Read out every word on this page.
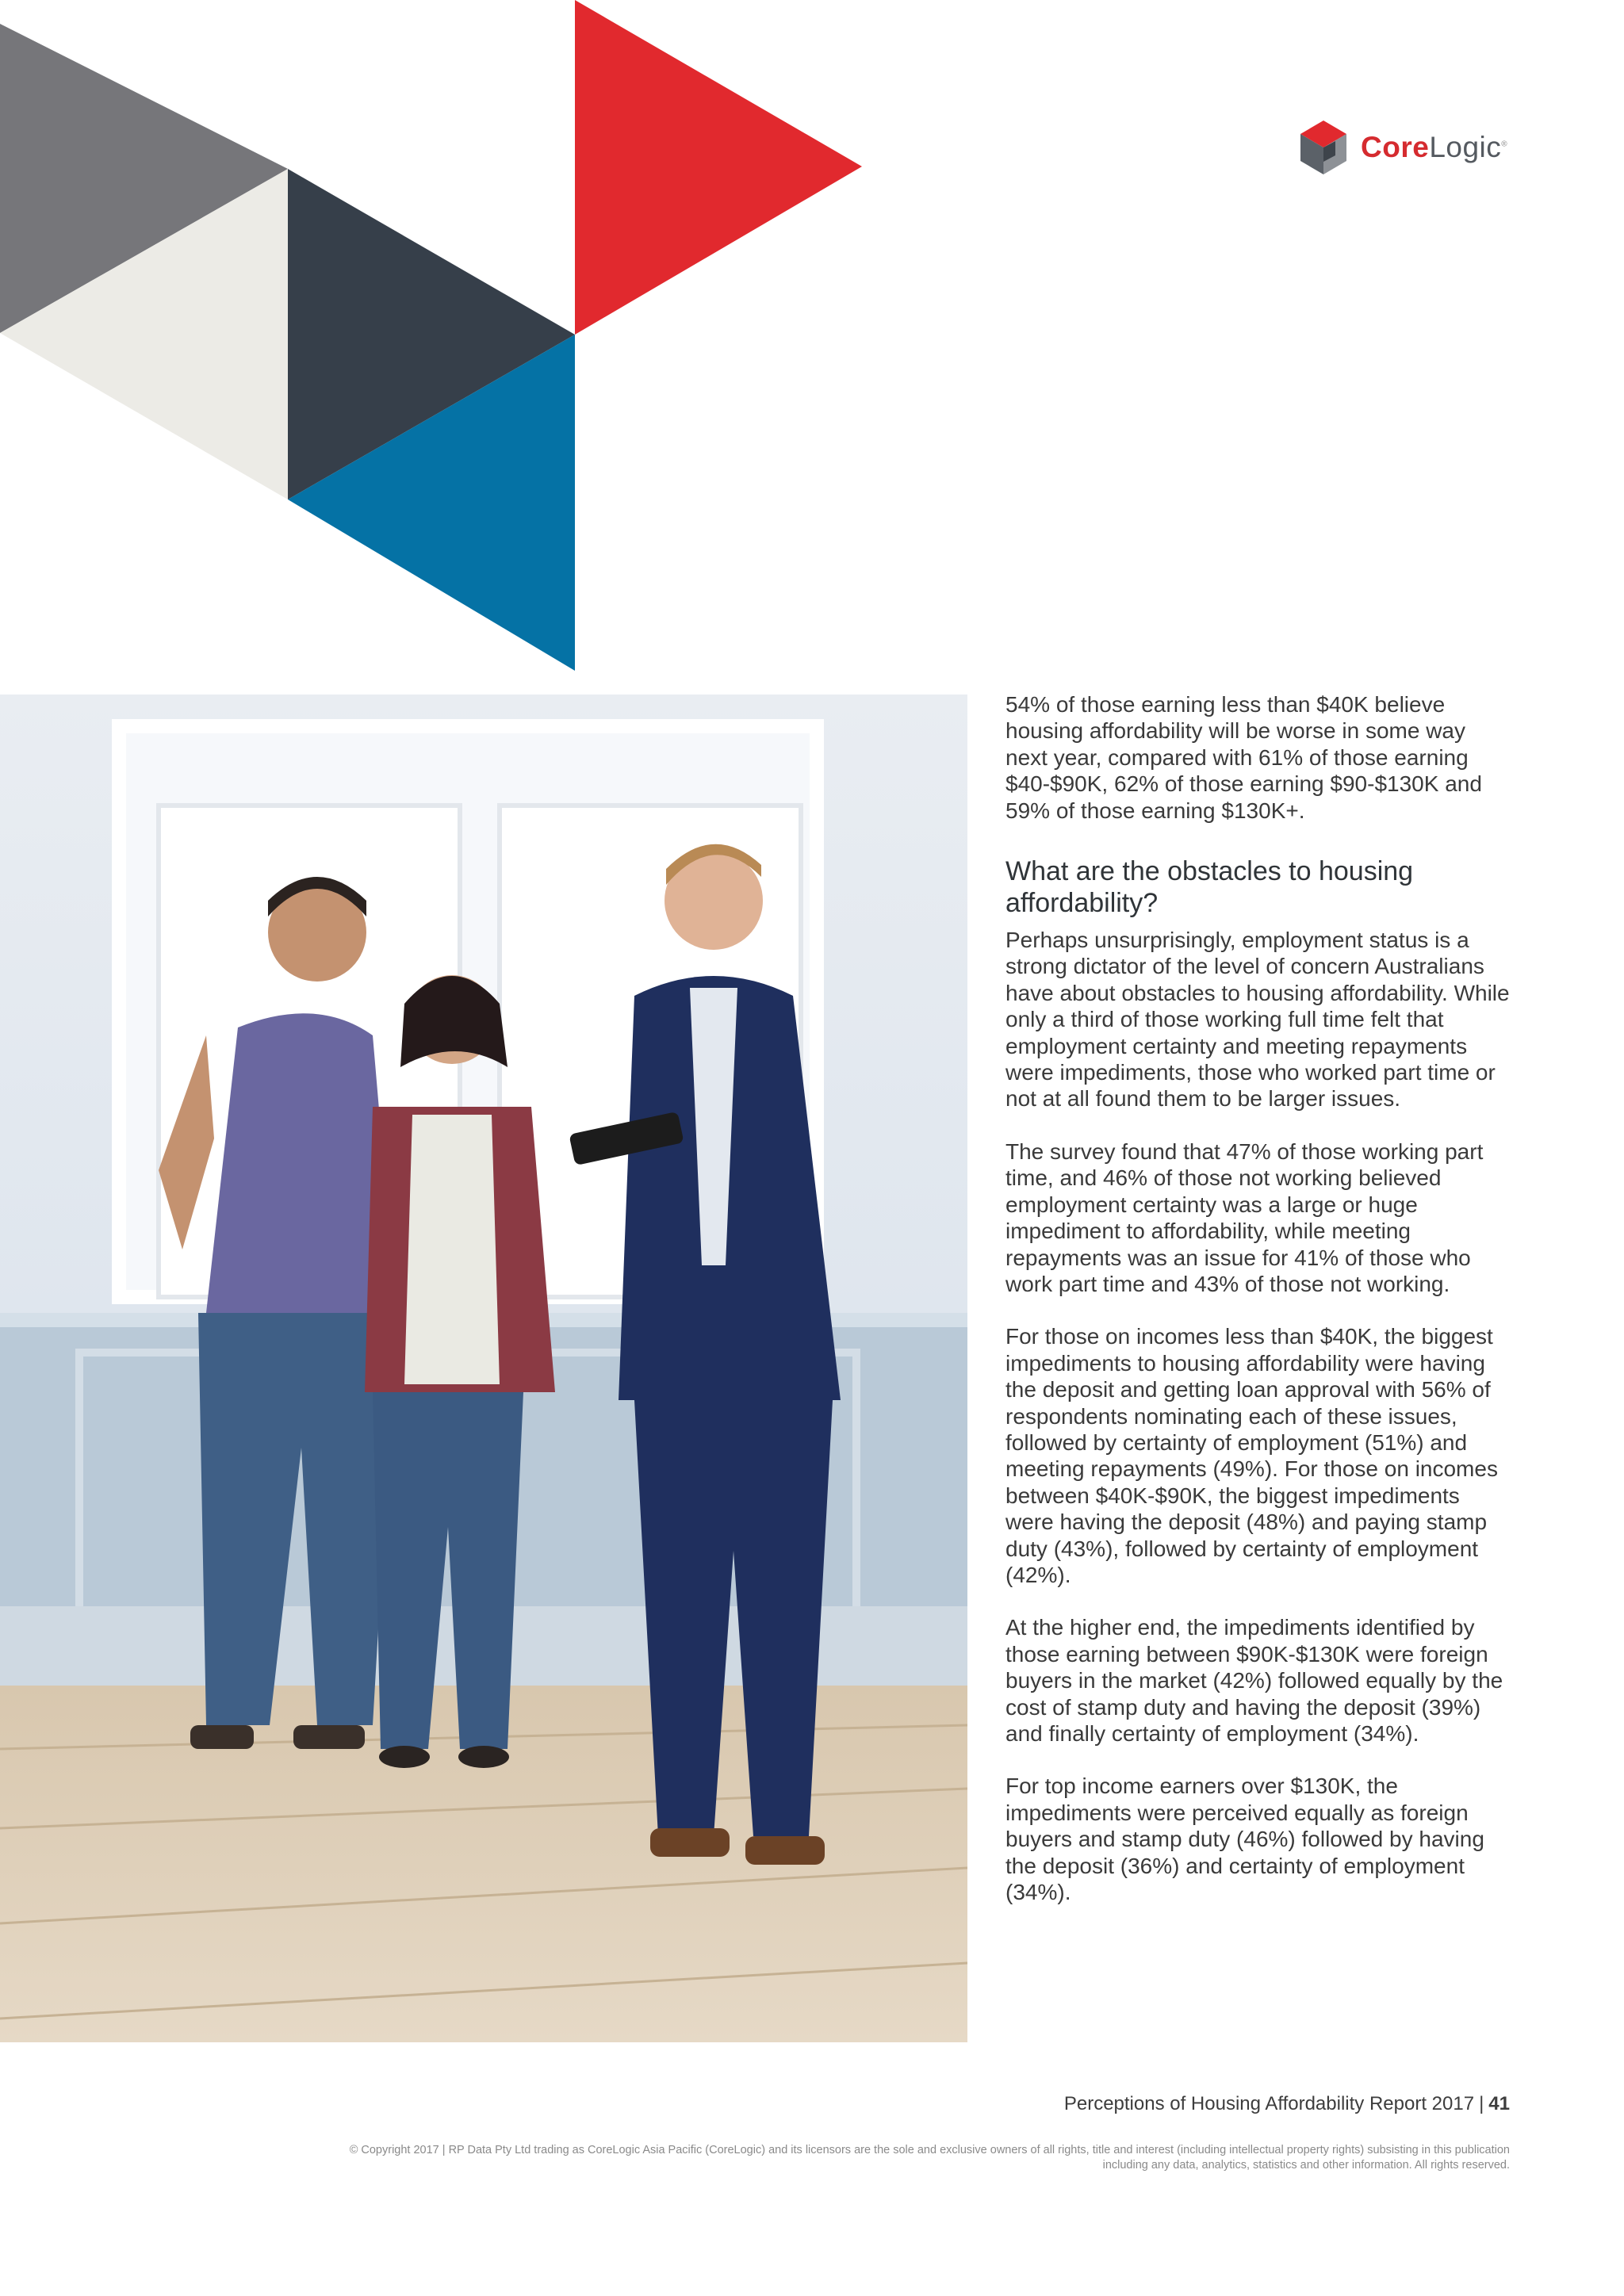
CoreLogic®

54% of those earning less than $40K believe housing affordability will be worse in some way next year, compared with 61% of those earning $40-$90K, 62% of those earning $90-$130K and 59% of those earning $130K+.

What are the obstacles to housing affordability?

Perhaps unsurprisingly, employment status is a strong dictator of the level of concern Australians have about obstacles to housing affordability. While only a third of those working full time felt that employment certainty and meeting repayments were impediments, those who worked part time or not at all found them to be larger issues.

The survey found that 47% of those working part time, and 46% of those not working believed employment certainty was a large or huge impediment to affordability, while meeting repayments was an issue for 41% of those who work part time and 43% of those not working.

For those on incomes less than $40K, the biggest impediments to housing affordability were having the deposit and getting loan approval with 56% of respondents nominating each of these issues, followed by certainty of employment (51%) and meeting repayments (49%). For those on incomes between $40K-$90K, the biggest impediments were having the deposit (48%) and paying stamp duty (43%), followed by certainty of employment (42%).

At the higher end, the impediments identified by those earning between $90K-$130K were foreign buyers in the market (42%) followed equally by the cost of stamp duty and having the deposit (39%) and finally certainty of employment (34%).

For top income earners over $130K, the impediments were perceived equally as foreign buyers and stamp duty (46%) followed by having the deposit (36%) and certainty of employment (34%).

Perceptions of Housing Affordability Report 2017 | 41
© Copyright 2017 | RP Data Pty Ltd trading as CoreLogic Asia Pacific (CoreLogic) and its licensors are the sole and exclusive owners of all rights, title and interest (including intellectual property rights) subsisting in this publication including any data, analytics, statistics and other information. All rights reserved.
